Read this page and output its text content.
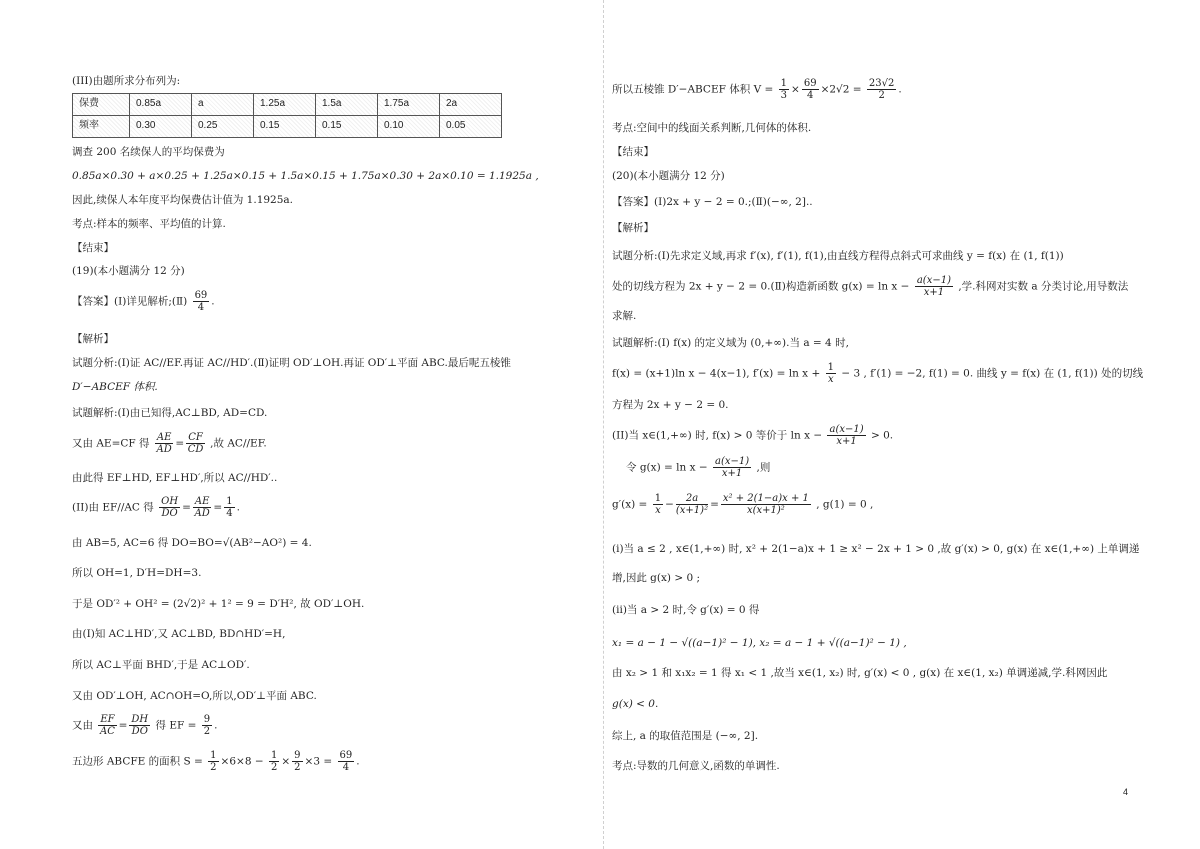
(III)由题所求分布列为:
保费	0.85a	a	1.25a	1.5a	1.75a	2a
频率	0.30	0.25	0.15	0.15	0.10	0.05
调查 200 名续保人的平均保费为
0.85a×0.30 + a×0.25 + 1.25a×0.15 + 1.5a×0.15 + 1.75a×0.30 + 2a×0.10 = 1.1925a ,
因此,续保人本年度平均保费估计值为 1.1925a.
考点:样本的频率、平均值的计算.
【结束】
(19)(本小题满分 12 分)
【答案】(Ⅰ)详见解析;(Ⅱ) $\frac{69}{4}$ .
【解析】
试题分析:(Ⅰ)证 AC//EF.再证 AC//HD′.(Ⅱ)证明 OD′⊥OH.再证 OD′⊥平面 ABC.最后呢五棱锥
D′−ABCEF 体积.
试题解析:(I)由已知得,AC⊥BD, AD=CD.
又由 AE=CF 得 $\frac{AE}{AD} = \frac{CF}{CD}$ ,故 AC//EF.
由此得 EF⊥HD, EF⊥HD′,所以 AC//HD′..
(II)由 EF//AC 得 $\frac{OH}{DO} = \frac{AE}{AD} = \frac{1}{4}$ .
由 AB=5, AC=6 得 DO=BO=√(AB²−AO²) = 4.
所以 OH=1, D′H=DH=3.
于是 OD′² + OH² = (2√2)² + 1² = 9 = D′H², 故 OD′⊥OH.
由(I)知 AC⊥HD′,又 AC⊥BD, BD∩HD′=H,
所以 AC⊥平面 BHD′,于是 AC⊥OD′.
又由 OD′⊥OH, AC∩OH=O,所以,OD′⊥平面 ABC.
又由 $\frac{EF}{AC} = \frac{DH}{DO}$ 得 EF = $\frac{9}{2}$ .
五边形 ABCFE 的面积 $S = \frac{1}{2} \times 6\times 8 - \frac{1}{2} \times \frac{9}{2} \times 3 = \frac{69}{4}$ .
所以五棱锥 D′−ABCEF 体积 $V = \frac{1}{3} \times \frac{69}{4} \times 2√2 = \frac{23√2}{2}$ .
考点:空间中的线面关系判断,几何体的体积.
【结束】
(20)(本小题满分 12 分)
【答案】(Ⅰ)2x + y − 2 = 0.;(Ⅱ)(−∞, 2]..
【解析】
试题分析:(Ⅰ)先求定义域,再求 f′(x), f′(1), f(1),由直线方程得点斜式可求曲线 y = f(x) 在 (1, f(1))
处的切线方程为 2x + y − 2 = 0.(Ⅱ)构造新函数 $g(x) = \ln x - \frac{a(x-1)}{x+1}$ ,学.科网对实数 a 分类讨论,用导数法
求解.
试题解析:(I) f(x) 的定义域为 (0,+∞).当 a = 4 时,
f(x) = (x+1)ln x − 4(x−1), $f'(x) = \ln x + \frac{1}{x} - 3$ , f′(1) = −2, f(1) = 0. 曲线 y = f(x) 在 (1, f(1)) 处的切线
方程为 2x + y − 2 = 0.
(II)当 x∈(1,+∞) 时, f(x) > 0 等价于 $\ln x - \frac{a(x-1)}{x+1} > 0$.
令 $g(x) = \ln x - \frac{a(x-1)}{x+1}$ ,则
$g'(x) = \frac{1}{x} - \frac{2a}{\text{(x+1)²}} = \frac{\text{x² + 2(1−a)x + 1}}{\text{x(x+1)²}}$ , g(1) = 0 ,
(i)当 a ≤ 2 , x∈(1,+∞) 时, x² + 2(1−a)x + 1 ≥ x² − 2x + 1 > 0 ,故 g′(x) > 0, g(x) 在 x∈(1,+∞) 上单调递
增,因此 g(x) > 0 ;
(ii)当 a > 2 时,令 g′(x) = 0 得
x₁ = a − 1 − √((a−1)² − 1), x₂ = a − 1 + √((a−1)² − 1) ,
由 x₂ > 1 和 x₁x₂ = 1 得 x₁ < 1 ,故当 x∈(1, x₂) 时, g′(x) < 0 , g(x) 在 x∈(1, x₂) 单调递减,学.科网因此
g(x) < 0.
综上, a 的取值范围是 (−∞, 2].
考点:导数的几何意义,函数的单调性.
4
